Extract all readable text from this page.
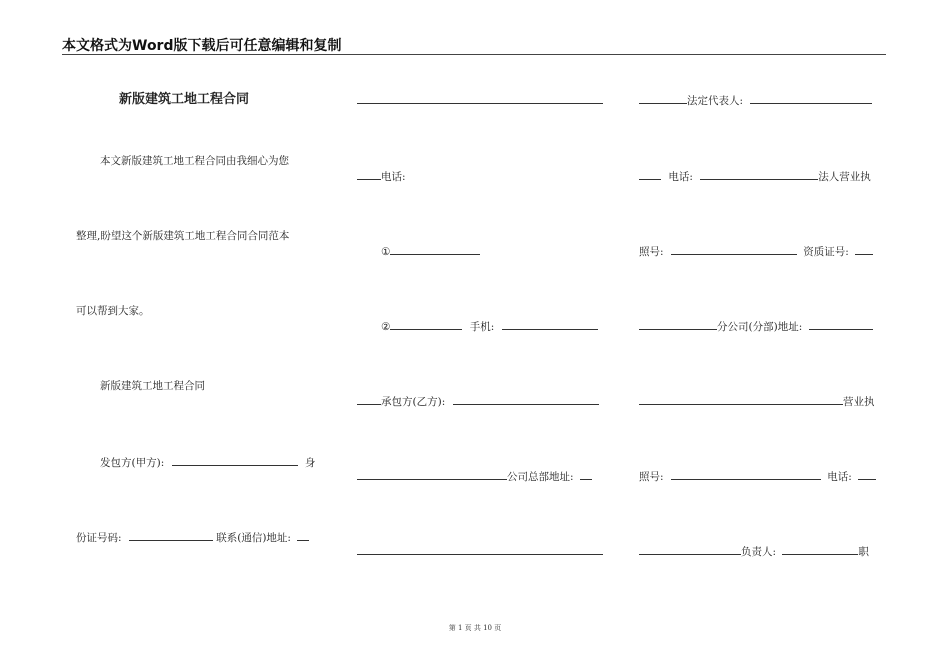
本文格式为Word版下载后可任意编辑和复制
新版建筑工地工程合同
本文新版建筑工地工程合同由我细心为您
整理,盼望这个新版建筑工地工程合同合同范本
可以帮到大家。
新版建筑工地工程合同
发包方(甲方):	身
份证号码:	联系(通信)地址:
电话:
①
②	手机:
承包方(乙方):
公司总部地址:
法定代表人:
电话:	法人营业执
照号:	资质证号:
分公司(分部)地址:
营业执
照号:	电话:
负责人:	职
第 1 页 共 10 页
